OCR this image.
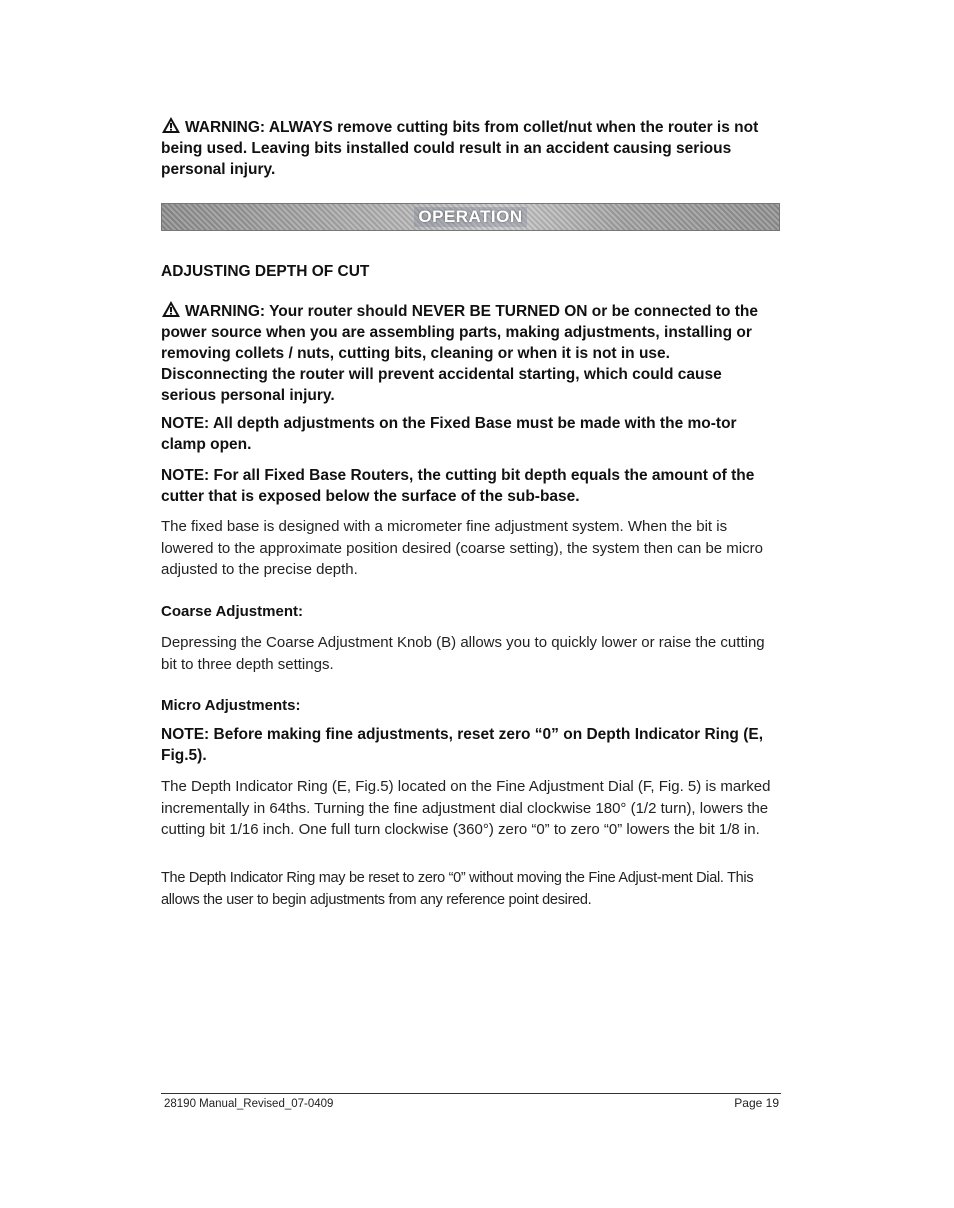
WARNING: ALWAYS remove cutting bits from collet/nut when the router is not being used. Leaving bits installed could result in an accident causing serious personal injury.
OPERATION
ADJUSTING DEPTH OF CUT
WARNING: Your router should NEVER BE TURNED ON or be connected to the power source when you are assembling parts, making adjustments, installing or removing collets / nuts, cutting bits, cleaning or when it is not in use. Disconnecting the router will prevent accidental starting, which could cause serious personal injury.
NOTE: All depth adjustments on the Fixed Base must be made with the mo-tor clamp open.
NOTE: For all Fixed Base Routers, the cutting bit depth equals the amount of the cutter that is exposed below the surface of the sub-base.
The fixed base is designed with a micrometer fine adjustment system. When the bit is lowered to the approximate position desired (coarse setting), the system then can be micro adjusted to the precise depth.
Coarse Adjustment:
Depressing the Coarse Adjustment Knob (B) allows you to quickly lower or raise the cutting bit to three depth settings.
Micro Adjustments:
NOTE: Before making fine adjustments, reset zero “0” on Depth Indicator Ring (E, Fig.5).
The Depth Indicator Ring (E, Fig.5) located on the Fine Adjustment Dial (F, Fig. 5) is marked incrementally in 64ths. Turning the fine adjustment dial clockwise 180° (1/2 turn), lowers the cutting bit 1/16 inch. One full turn clockwise (360°) zero “0” to zero “0” lowers the bit 1/8 in.
The Depth Indicator Ring may be reset to zero “0” without moving the Fine Adjust-ment Dial. This allows the user to begin adjustments from any reference point desired.
28190 Manual_Revised_07-0409	Page 19
